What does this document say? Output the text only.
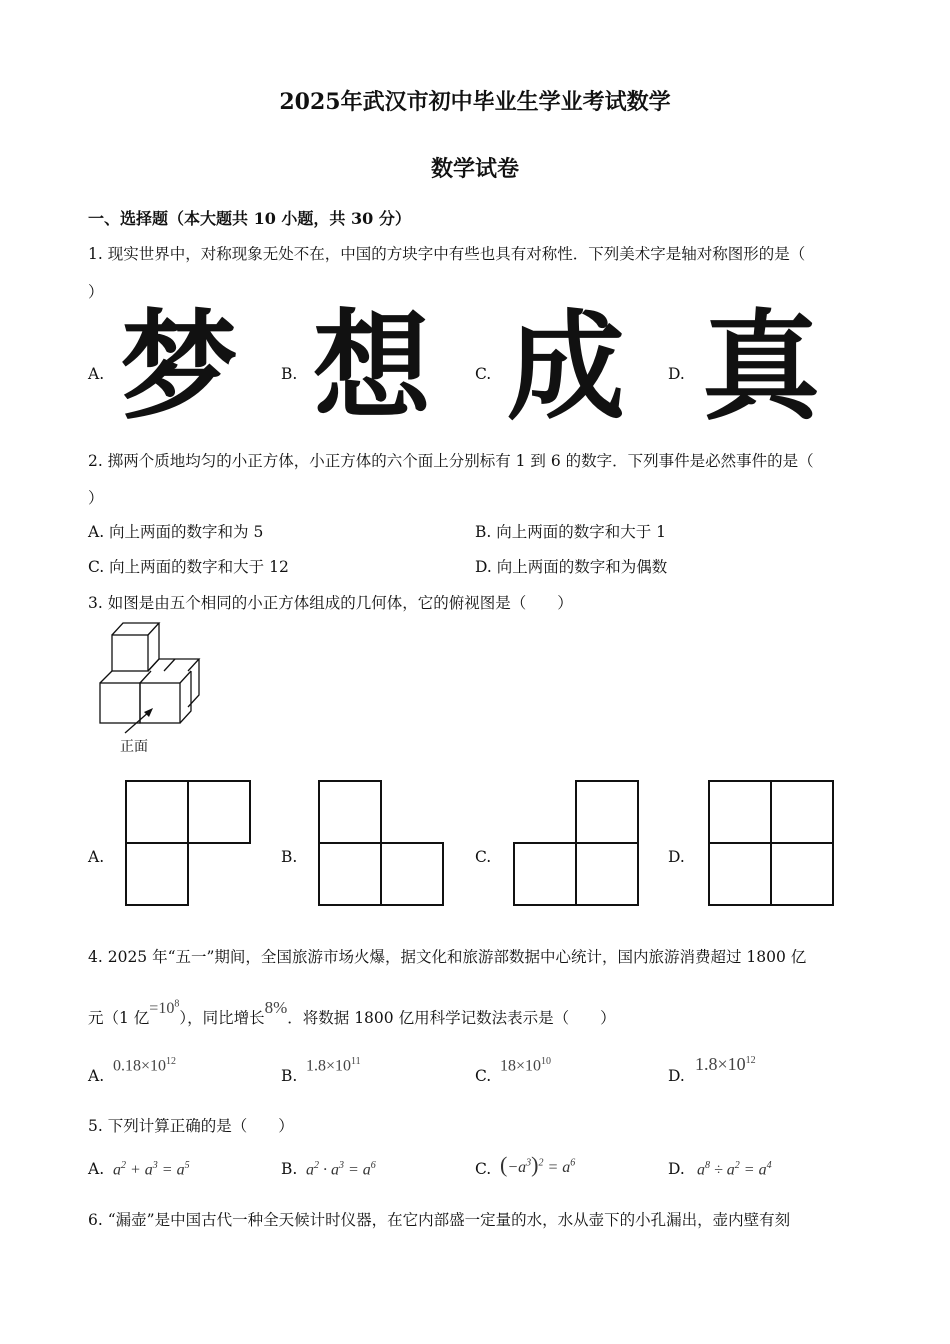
2025年武汉市初中毕业生学业考试数学
数学试卷
一、选择题（本大题共 10 小题，共 30 分）
1. 现实世界中，对称现象无处不在，中国的方块字中有些也具有对称性．下列美术字是轴对称图形的是（
）
A. 梦	B. 想	C. 成	D. 真
2. 掷两个质地均匀的小正方体，小正方体的六个面上分别标有 1 到 6 的数字．下列事件是必然事件的是（
）
A. 向上两面的数字和为 5	B. 向上两面的数字和大于 1
C. 向上两面的数字和大于 12	D. 向上两面的数字和为偶数
3. 如图是由五个相同的小正方体组成的几何体，它的俯视图是（　　）
正面
A.	B.	C.	D.
4. 2025 年“五一”期间，全国旅游市场火爆，据文化和旅游部数据中心统计，国内旅游消费超过 1800 亿
元（1 亿$=10^8$），同比增长8%．将数据 1800 亿用科学记数法表示是（　　）
A.
$0.18\times 10^{12}$
B.
$1.8\times 10^{11}$
C.
$18\times 10^{10}$
D.
$1.8\times 10^{12}$
5. 下列计算正确的是（　　）
A. $a^2 + a^3 = a^5$	B. $a^2 \cdot a^3 = a^6$	C. $(-a^3)^2 = a^6$	D. $a^8 \div a^2 = a^4$
6. “漏壶”是中国古代一种全天候计时仪器，在它内部盛一定量的水，水从壶下的小孔漏出，壶内壁有刻
